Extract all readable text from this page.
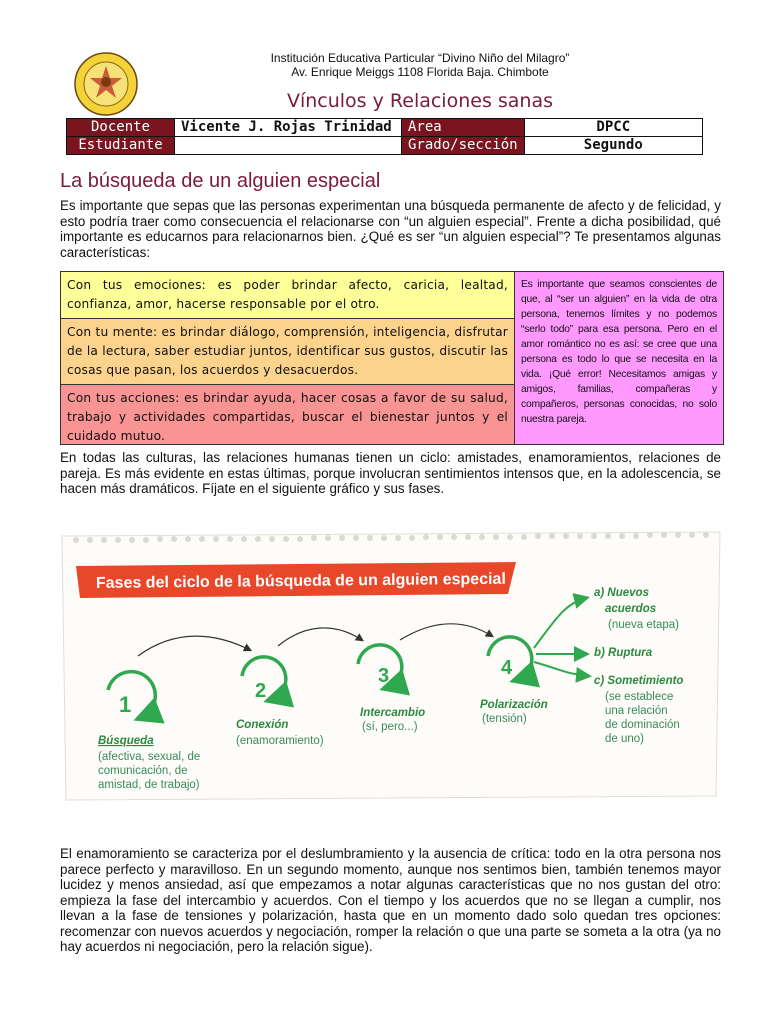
Institución Educativa Particular “Divino Niño del Milagro”
Av. Enrique Meiggs 1108 Florida Baja. Chimbote
Vínculos y Relaciones sanas
Docente	Vicente J. Rojas Trinidad	Area	DPCC
Estudiante		Grado/sección	Segundo
La búsqueda de un alguien especial
Es importante que sepas que las personas experimentan una búsqueda permanente de afecto y de felicidad, y esto podría traer como consecuencia el relacionarse con “un alguien especial”. Frente a dicha posibilidad, qué importante es educarnos para relacionarnos bien. ¿Qué es ser “un alguien especial”? Te presentamos algunas características:
Con tus emociones: es poder brindar afecto, caricia, lealtad, confianza, amor, hacerse responsable por el otro.
Con tu mente: es brindar diálogo, comprensión, inteligencia, disfrutar de la lectura, saber estudiar juntos, identificar sus gustos, discutir las cosas que pasan, los acuerdos y desacuerdos.
Con tus acciones: es brindar ayuda, hacer cosas a favor de su salud, trabajo y actividades compartidas, buscar el bienestar juntos y el cuidado mutuo.
Es importante que seamos conscientes de que, al “ser un alguien” en la vida de otra persona, tenemos límites y no podemos “serlo todo” para esa persona. Pero en el amor romántico no es así: se cree que una persona es todo lo que se necesita en la vida. ¡Qué error! Necesitamos amigas y amigos, familias, compañeras y compañeros, personas conocidas, no solo nuestra pareja.
En todas las culturas, las relaciones humanas tienen un ciclo: amistades, enamoramientos, relaciones de pareja. Es más evidente en estas últimas, porque involucran sentimientos intensos que, en la adolescencia, se hacen más dramáticos. Fíjate en el siguiente gráfico y sus fases.
Fases del ciclo de la búsqueda de un alguien especial
1
2
3	4
Búsqueda
(afectiva, sexual, de
comunicación, de
amistad, de trabajo)
Conexión
(enamoramiento)
Intercambio
(sí, pero...)
Polarización
(tensión)
a) Nuevos
acuerdos
(nueva etapa)
b) Ruptura
c) Sometimiento
(se establece
una relación
de dominación
de uno)
El enamoramiento se caracteriza por el deslumbramiento y la ausencia de crítica: todo en la otra persona nos parece perfecto y maravilloso. En un segundo momento, aunque nos sentimos bien, también tenemos mayor lucidez y menos ansiedad, así que empezamos a notar algunas características que no nos gustan del otro: empieza la fase del intercambio y acuerdos. Con el tiempo y los acuerdos que no se llegan a cumplir, nos llevan a la fase de tensiones y polarización, hasta que en un momento dado solo quedan tres opciones: recomenzar con nuevos acuerdos y negociación, romper la relación o que una parte se someta a la otra (ya no hay acuerdos ni negociación, pero la relación sigue).
